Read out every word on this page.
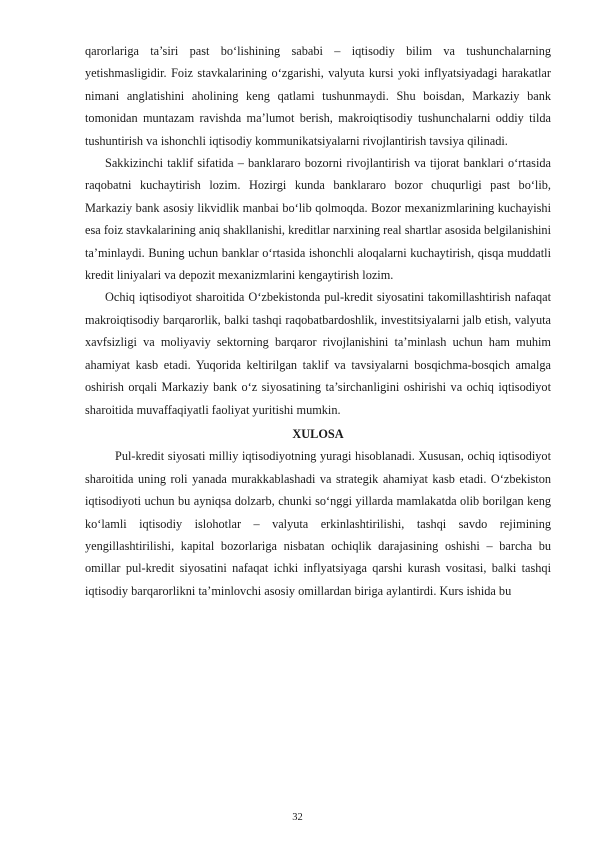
qarorlariga ta’siri past bo‘lishining sababi – iqtisodiy bilim va tushunchalarning yetishmasligidir. Foiz stavkalarining o‘zgarishi, valyuta kursi yoki inflyatsiyadagi harakatlar nimani anglatishini aholining keng qatlami tushunmaydi. Shu boisdan, Markaziy bank tomonidan muntazam ravishda ma’lumot berish, makroiqtisodiy tushunchalarni oddiy tilda tushuntirish va ishonchli iqtisodiy kommunikatsiyalarni rivojlantirish tavsiya qilinadi.

Sakkizinchi taklif sifatida – banklararo bozorni rivojlantirish va tijorat banklari o‘rtasida raqobatni kuchaytirish lozim. Hozirgi kunda banklararo bozor chuqurligi past bo‘lib, Markaziy bank asosiy likvidlik manbai bo‘lib qolmoqda. Bozor mexanizmlarining kuchayishi esa foiz stavkalarining aniq shakllanishi, kreditlar narxining real shartlar asosida belgilanishini ta’minlaydi. Buning uchun banklar o‘rtasida ishonchli aloqalarni kuchaytirish, qisqa muddatli kredit liniyalari va depozit mexanizmlarini kengaytirish lozim.

Ochiq iqtisodiyot sharoitida O‘zbekistonda pul-kredit siyosatini takomillashtirish nafaqat makroiqtisodiy barqarorlik, balki tashqi raqobatbardoshlik, investitsiyalarni jalb etish, valyuta xavfsizligi va moliyaviy sektorning barqaror rivojlanishini ta’minlash uchun ham muhim ahamiyat kasb etadi. Yuqorida keltirilgan taklif va tavsiyalarni bosqichma-bosqich amalga oshirish orqali Markaziy bank o‘z siyosatining ta’sirchanligini oshirishi va ochiq iqtisodiyot sharoitida muvaffaqiyatli faoliyat yuritishi mumkin.

XULOSA

Pul-kredit siyosati milliy iqtisodiyotning yuragi hisoblanadi. Xususan, ochiq iqtisodiyot sharoitida uning roli yanada murakkablashadi va strategik ahamiyat kasb etadi. O‘zbekiston iqtisodiyoti uchun bu ayniqsa dolzarb, chunki so‘nggi yillarda mamlakatda olib borilgan keng ko‘lamli iqtisodiy islohotlar – valyuta erkinlashtirilishi, tashqi savdo rejimining yengillashtirilishi, kapital bozorlariga nisbatan ochiqlik darajasining oshishi – barcha bu omillar pul-kredit siyosatini nafaqat ichki inflyatsiyaga qarshi kurash vositasi, balki tashqi iqtisodiy barqarorlikni ta’minlovchi asosiy omillardan biriga aylantirdi. Kurs ishida bu

32
